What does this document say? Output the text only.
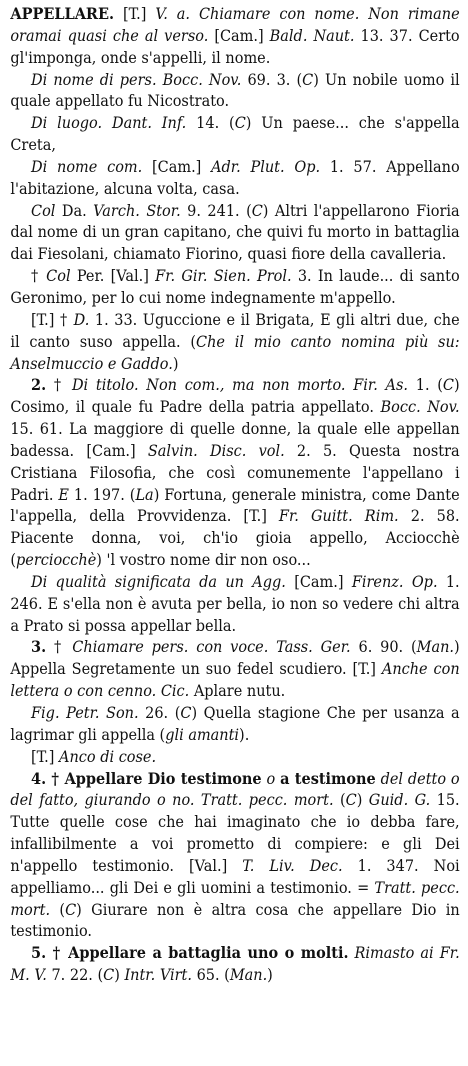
APPELLARE. [T.] V. a. Chiamare con nome. Non rimane oramai quasi che al verso. [Cam.] Bald. Naut. 13. 37. Certo gl'imponga, onde s'appelli, il nome.

Di nome di pers. Bocc. Nov. 69. 3. (C) Un nobile uomo il quale appellato fu Nicostrato.

Di luogo. Dant. Inf. 14. (C) Un paese... che s'appella Creta,

Di nome com. [Cam.] Adr. Plut. Op. 1. 57. Appellano l'abitazione, alcuna volta, casa.

Col Da. Varch. Stor. 9. 241. (C) Altri l'appellarono Fioria dal nome di un gran capitano, che quivi fu morto in battaglia dai Fiesolani, chiamato Fiorino, quasi fiore della cavalleria.

† Col Per. [Val.] Fr. Gir. Sien. Prol. 3. In laude... di santo Geronimo, per lo cui nome indegnamente m'appello.

[T.] † D. 1. 33. Uguccione e il Brigata, E gli altri due, che il canto suso appella. (Che il mio canto nomina più su: Anselmuccio e Gaddo.)

2. † Di titolo. Non com., ma non morto. Fir. As. 1. (C) Cosimo, il quale fu Padre della patria appellato. Bocc. Nov. 15. 61. La maggiore di quelle donne, la quale elle appellan badessa. [Cam.] Salvin. Disc. vol. 2. 5. Questa nostra Cristiana Filosofia, che così comunemente l'appellano i Padri. E 1. 197. (La) Fortuna, generale ministra, come Dante l'appella, della Provvidenza. [T.] Fr. Guitt. Rim. 2. 58. Piacente donna, voi, ch'io gioia appello, Acciocchè (perciocchè) 'l vostro nome dir non oso...

Di qualità significata da un Agg. [Cam.] Firenz. Op. 1. 246. E s'ella non è avuta per bella, io non so vedere chi altra a Prato si possa appellar bella.

3. † Chiamare pers. con voce. Tass. Ger. 6. 90. (Man.) Appella Segretamente un suo fedel scudiero. [T.] Anche con lettera o con cenno. Cic. Aplare nutu.

Fig. Petr. Son. 26. (C) Quella stagione Che per usanza a lagrimar gli appella (gli amanti).

[T.] Anco di cose.

4. † Appellare Dio testimone o a testimone del detto o del fatto, giurando o no. Tratt. pecc. mort. (C) Guid. G. 15. Tutte quelle cose che hai imaginato che io debba fare, infallibilmente a voi prometto di compiere: e gli Dei n'appello testimonio. [Val.] T. Liv. Dec. 1. 347. Noi appelliamo... gli Dei e gli uomini a testimonio. = Tratt. pecc. mort. (C) Giurare non è altra cosa che appellare Dio in testimonio.

5. † Appellare a battaglia uno o molti. Rimasto ai Fr. M. V. 7. 22. (C) Intr. Virt. 65. (Man.)
